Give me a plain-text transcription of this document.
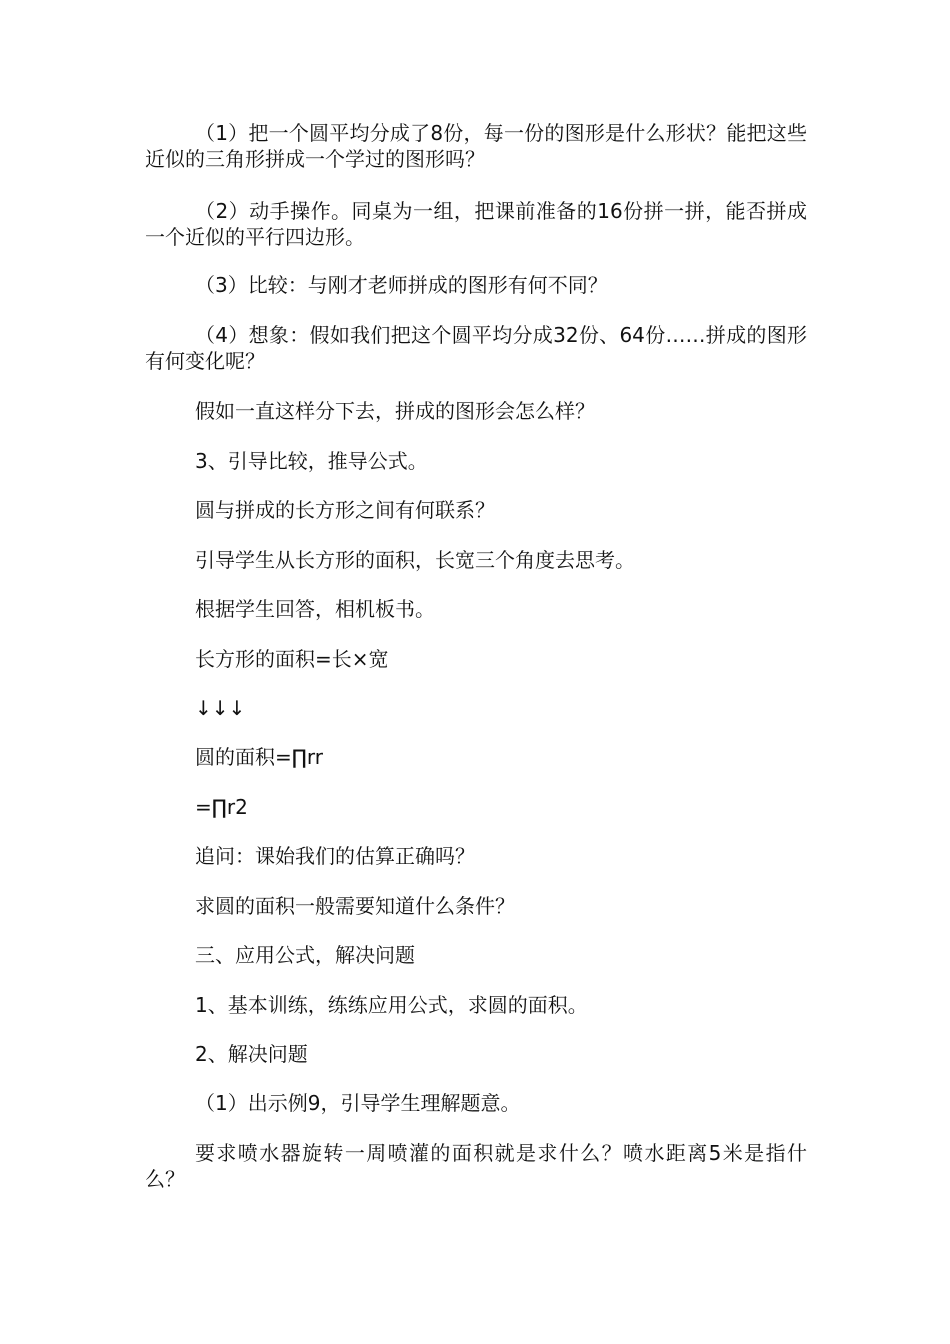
（1）把一个圆平均分成了8份，每一份的图形是什么形状？能把这些近似的三角形拼成一个学过的图形吗？

（2）动手操作。同桌为一组，把课前准备的16份拼一拼，能否拼成一个近似的平行四边形。

（3）比较：与刚才老师拼成的图形有何不同？

（4）想象：假如我们把这个圆平均分成32份、64份……拼成的图形有何变化呢？

假如一直这样分下去，拼成的图形会怎么样？

3、引导比较，推导公式。

圆与拼成的长方形之间有何联系？

引导学生从长方形的面积，长宽三个角度去思考。

根据学生回答，相机板书。

长方形的面积=长×宽

↓↓↓

圆的面积=∏rr

=∏r2

追问：课始我们的估算正确吗？

求圆的面积一般需要知道什么条件？

三、应用公式，解决问题

1、基本训练，练练应用公式，求圆的面积。

2、解决问题

（1）出示例9，引导学生理解题意。

要求喷水器旋转一周喷灌的面积就是求什么？喷水距离5米是指什么？
